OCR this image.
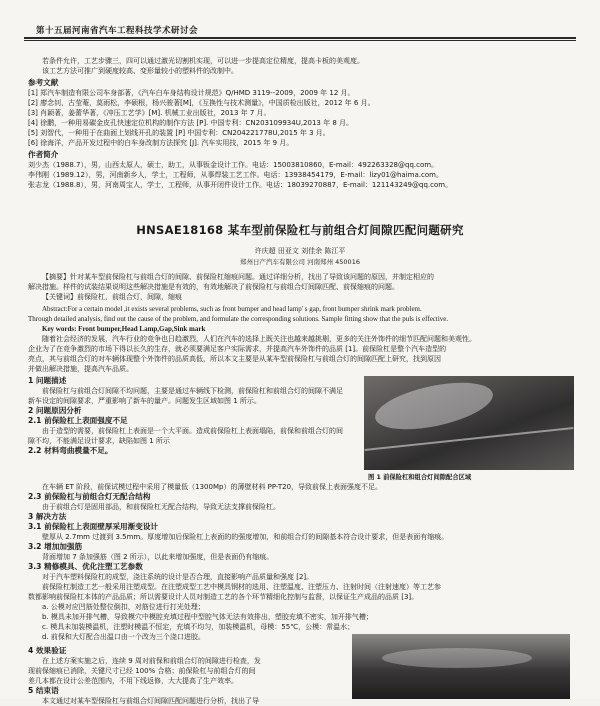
第十五届河南省汽车工程科技学术研讨会
若条件允许，工艺步骤三，四可以通过激光切割机实现，可以进一步提高定位精度，提高卡板的美观度。
该工艺方法可推广到硬度较高、变形量较小的塑料件的改制中。
参考文献
[1] 郑汽车制造有限公司车身部著，《汽车白车身结构设计规范》Q/HMD 3119--2009，2009 年 12 月。
[2] 廖念钊，古莹菴，莫雨松，李硕根，杨兴骏著[M]，《互换性与技术测量》，中国质检出版社，2012 年 6 月。
[3] 肖颖著，姜蕾华著，《冲压工艺学》[M]. 机械工业出版社，2013 年 7 月。
[4] 徐鹏，一种用易碳金皮孔快速定位机构的制作方法 [P]. 中国专利：CN203109934U,2013 年 8 月。
[5] 刘智代，一种用于在曲面上划线开孔的装置 [P] 中国专利：CN204221778U,2015 年 3 月。
[6] 徐海洋，产品开发过程中的白车身改制方法探究 [J]. 汽车实用技，2015 年 9 月。
作者简介
刘少杰（1988.7），男，山西太原人，硕士，助工，从事钣金设计工作。电话：15003810860，E-mail：492263328@qq.com。
李伟刚（1989.12），男，河南新乡人，学士，工程师，从事焊装工艺工作。电话：13938454179，E-mail：lizy01@haima.com。
张志龙（1988.8），男，河南周宝人，学士，工程师，从事开闭件设计工作。电话：18039270887，E-mail：121143249@qq.com。
HNSAE18168 某车型前保险杠与前组合灯间隙匹配问题研究
许庆超 田亚文 刘佳余 陈江平
郑州日产汽车有限公司 河南郑州 450016
【摘要】针对某车型前保险杠与前组合灯的间隙、前保险杠缩痕问题。通过详细分析，找出了导致该问题的原因，并制定相应的
解决措施。样件的试装结果说明这些解决措施是有效的，有效地解决了前保险杠与前组合灯间隙匹配、前保缩痕的问题。
【关键词】前保险杠，前组合灯，间隙，缩痕
Abstract:For a certain model ,it exists several problems, such as front bumper and head lamp' s gap, front bumper shrink mark problem.
Through detailed analysis, find out the cause of the problem, and formulate the corresponding solutions. Sample fitting show that the puls is effective.
Key words: Front bumper,Head Lamp,Gap,Sink mark
随着社会经济的发展，汽车行业的竞争也日趋激烈，人们在汽车的选择上既关注也越来越挑剔，更多的关注外饰件的细节匹配问题和美观性。
企业为了在竞争激烈的市场下得以长久的生存，就必须要满足客户实际需求，并提高汽车外饰件的品质 [1]。前保险杠是整个汽车造型的
亮点，其与前组合灯的对车辆体现整个外饰件的品质高低，所以本文主要是从某车型前保险杠与前组合灯的间隙匹配上研究，找到原因
并做出解决措施，提高汽车品质。
1 问题描述
前保险杠与前组合灯间隙不均问题，主要是通过车辆线下检测，前保险杠和前组合灯的间隙不满足
新车设定的间隙要求，严重影响了新车的量产。问题发生区域如图 1 所示。
2 问题原因分析
2.1 前保险杠上表面强度不足
由于造型的需要，前保险杠上表面是一个大平面。造成前保险杠上表面塌陷，前保和前组合灯的间
隙不均，不能满足设计要求，缺陷如图 1 所示
2.2 材料弯曲模量不足。
图 1 前保险杠和组合灯间隙配合区域
在车辆 ET 阶段，前保试模过程中采用了模量低（1300Mp）的薄壁材料 PP-T20，导致前保上表面强度不足。
2.3 前保险杠与前组合灯无配合结构
由于前组合灯是固用部品，和前保险杠无配合结构，导致无法支撑前保险杠。
3 解决方法
3.1 前保险杠上表面壁厚采用渐变设计
壁厚从 2.7mm 过渡到 3.5mm。厚度增加后保险杠上表面的的强度增加，和前组合灯的间隙基本符合设计要求，但是表面有缩痕。
3.2 增加加强筋
背面增加 7 条加强筋（图 2 所示），以此来增加强度，但是表面仍有缩痕。
3.3 精修模具、优化注塑工艺参数
对于汽车塑料保险杠的成型，浇注系统的设计是否合理，直接影响产品质量和强度 [2]。
前保险杠制造工艺一般采用注塑成型。在注塑成型工艺中模具钢材的选用、注塑温度、注塑压力、注射时间（注射速度）等工艺参
数都影响前保险杠本体的产品品质；所以需要设计人员对制造工艺的各个环节精细化控制与监督，以保证生产成品的品质 [3]。
a. 公模对应凹筋处整位倒扣，对筋位进行打光处理；
b. 模具未加开排气槽，导致模穴中模腔充填过程中型腔气体无法有效排出，塑胶充填不密实，加开排气槽；
c. 模具未加装模温机，注塑时模温不恒定，充填不均匀，加装模温机，母模：55℃，公模：常温水；
d. 前保和大灯配合出温口由一个改为三个浇口进胶。
4 效果验证
在上述方案实施之后，连续 9 周对前保和前组合灯的间隙进行检查，发
现前保缩痕已消除，关键尺寸已经 100% 合格；前保险杠与前组合灯的间
差几本都在设计公差范围内，不用下线返修，大大提高了生产效率。
5 结束语
本文通过对某车型保险杠与前组合灯间隙匹配问题进行分析，找出了导
